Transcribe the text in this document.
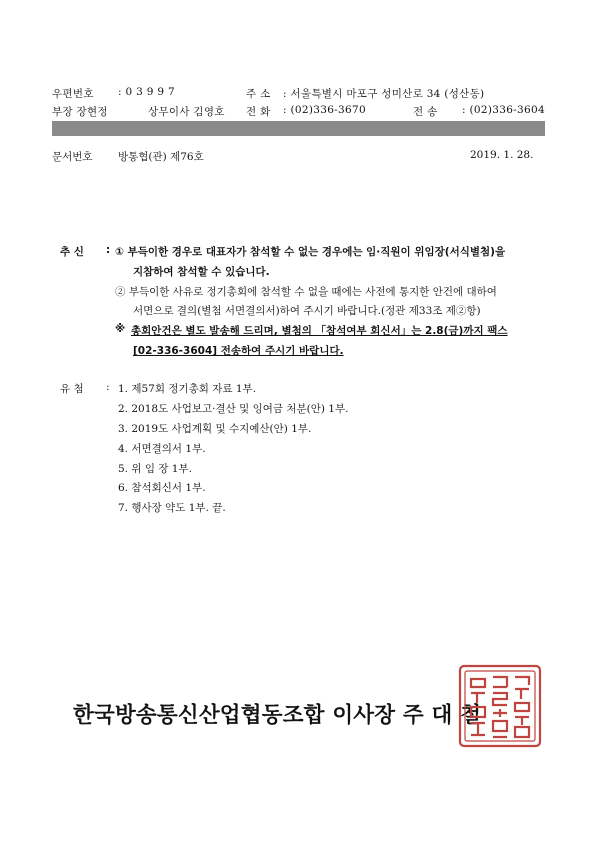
우편번호 : 0 3 9 9 7	주 소 : 서울특별시 마포구 성미산로 34 (성산동)
부장 장현정	상무이사 김영호 전 화 : (02)336-3670	전 송 : (02)336-3604
문서번호 방통협(관) 제76호	2019. 1. 28.
추 신 : ① 부득이한 경우로 대표자가 참석할 수 없는 경우에는 임·직원이 위임장(서식별첨)을
지참하여 참석할 수 있습니다.
② 부득이한 사유로 정기총회에 참석할 수 없을 때에는 사전에 통지한 안건에 대하여
서면으로 결의(별첨 서면결의서)하여 주시기 바랍니다.(정관 제33조 제②항)
※ 총회안건은 별도 발송해 드리며, 별첨의 「참석여부 회신서」는 2.8(금)까지 팩스
[02-336-3604] 전송하여 주시기 바랍니다.
유 첨 : 1. 제57회 정기총회 자료 1부.
2. 2018도 사업보고·결산 및 잉여금 처분(안) 1부.
3. 2019도 사업계획 및 수지예산(안) 1부.
4. 서면결의서 1부.
5. 위 임 장 1부.
6. 참석회신서 1부.
7. 행사장 약도 1부. 끝.
한국방송통신산업협동조합 이사장 주 대 철
